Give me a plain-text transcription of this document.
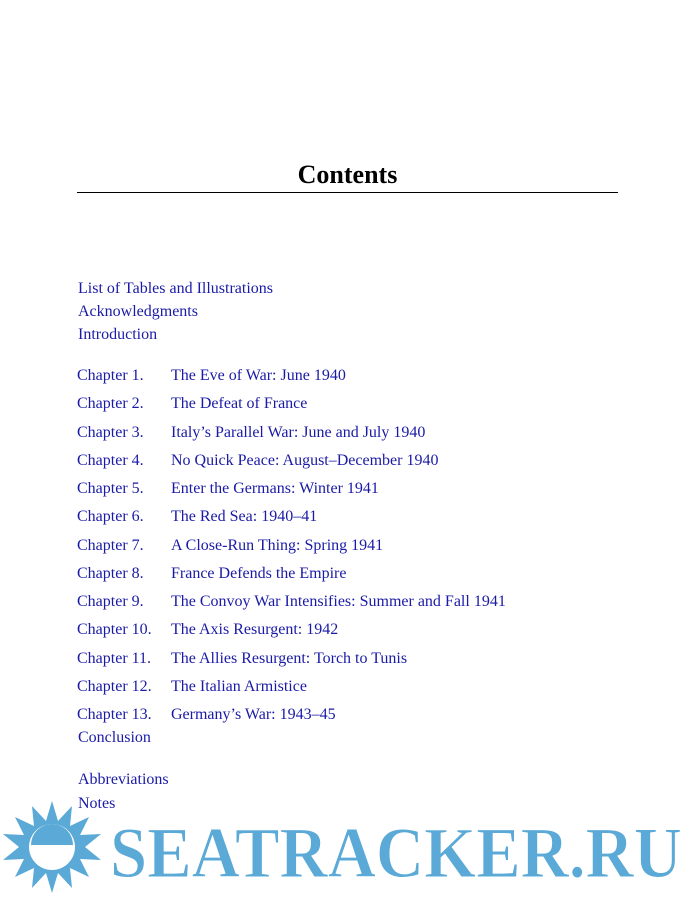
Contents
List of Tables and Illustrations
Acknowledgments
Introduction
Chapter 1. The Eve of War: June 1940
Chapter 2. The Defeat of France
Chapter 3. Italy’s Parallel War: June and July 1940
Chapter 4. No Quick Peace: August–December 1940
Chapter 5. Enter the Germans: Winter 1941
Chapter 6. The Red Sea: 1940–41
Chapter 7. A Close-Run Thing: Spring 1941
Chapter 8. France Defends the Empire
Chapter 9. The Convoy War Intensifies: Summer and Fall 1941
Chapter 10. The Axis Resurgent: 1942
Chapter 11. The Allies Resurgent: Torch to Tunis
Chapter 12. The Italian Armistice
Chapter 13. Germany’s War: 1943–45
Conclusion
Abbreviations
Notes
SEATRACKER.RU
